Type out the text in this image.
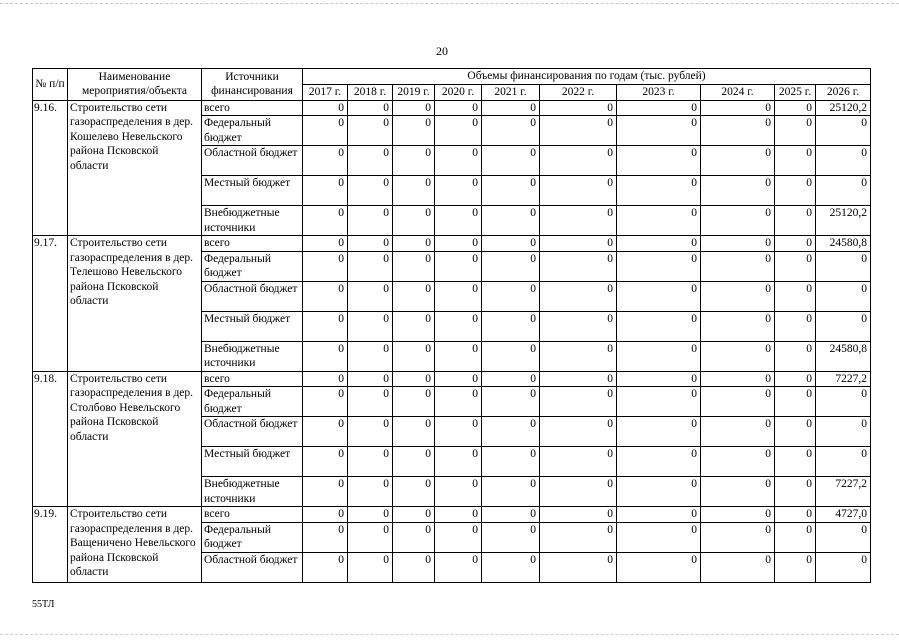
20
№ п/п	Наименование мероприятия/объекта	Источники финансирования	Объемы финансирования по годам (тыс. рублей)									
			2017 г.	2018 г.	2019 г.	2020 г.	2021 г.	2022 г.	2023 г.	2024 г.	2025 г.	2026 г.
9.16.	Строительство сети газораспределения в дер. Кошелево Невельского района Псковской области	всего	0	0	0	0	0	0	0	0	0	25120,2
		Федеральный бюджет	0	0	0	0	0	0	0	0	0	0
		Областной бюджет	0	0	0	0	0	0	0	0	0	0
		Местный бюджет	0	0	0	0	0	0	0	0	0	0
		Внебюджетные источники	0	0	0	0	0	0	0	0	0	25120,2
9.17.	Строительство сети газораспределения в дер. Телешово Невельского района Псковской области	всего	0	0	0	0	0	0	0	0	0	24580,8
		Федеральный бюджет	0	0	0	0	0	0	0	0	0	0
		Областной бюджет	0	0	0	0	0	0	0	0	0	0
		Местный бюджет	0	0	0	0	0	0	0	0	0	0
		Внебюджетные источники	0	0	0	0	0	0	0	0	0	24580,8
9.18.	Строительство сети газораспределения в дер. Столбово Невельского района Псковской области	всего	0	0	0	0	0	0	0	0	0	7227,2
		Федеральный бюджет	0	0	0	0	0	0	0	0	0	0
		Областной бюджет	0	0	0	0	0	0	0	0	0	0
		Местный бюджет	0	0	0	0	0	0	0	0	0	0
		Внебюджетные источники	0	0	0	0	0	0	0	0	0	7227,2
9.19.	Строительство сети газораспределения в дер. Ващеничено Невельского района Псковской области	всего	0	0	0	0	0	0	0	0	0	4727,0
		Федеральный бюджет	0	0	0	0	0	0	0	0	0	0
		Областной бюджет	0	0	0	0	0	0	0	0	0	0
55ТЛ
